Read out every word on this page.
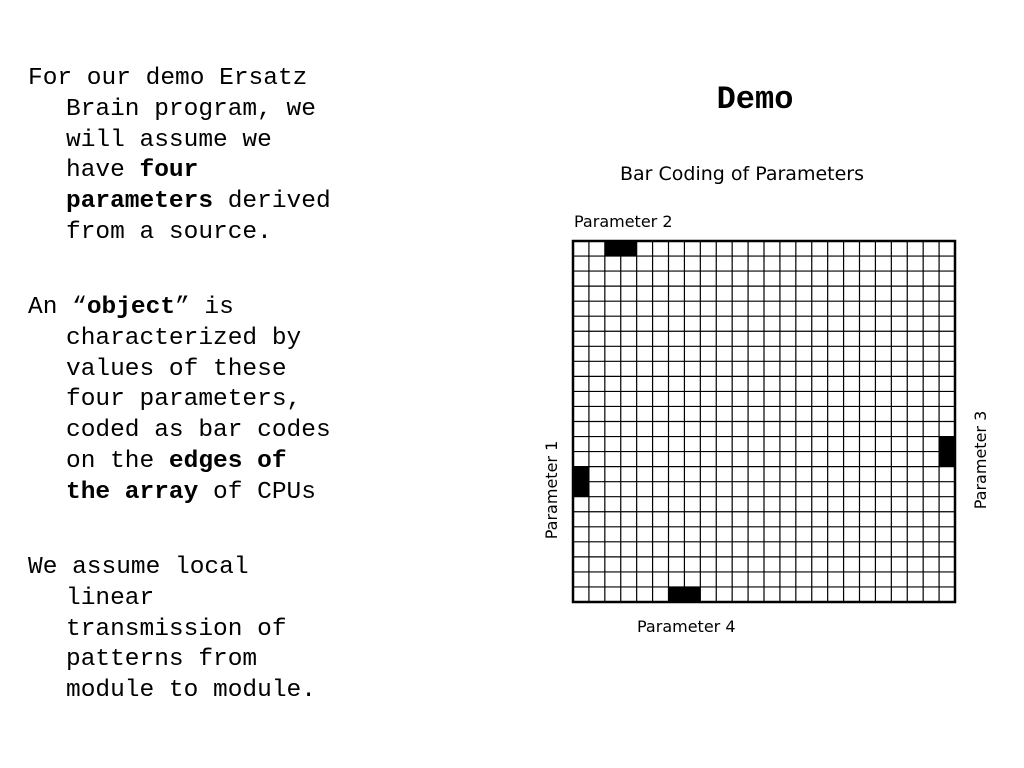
For our demo Ersatz
Brain program, we
will assume we
have four
parameters derived
from a source.
An “object” is
characterized by
values of these
four parameters,
coded as bar codes
on the edges of
the array of CPUs
We assume local
linear
transmission of
patterns from
module to module.
Demo
Bar Coding of Parameters
Parameter 2
Parameter 4
Parameter 1	Parameter 3
